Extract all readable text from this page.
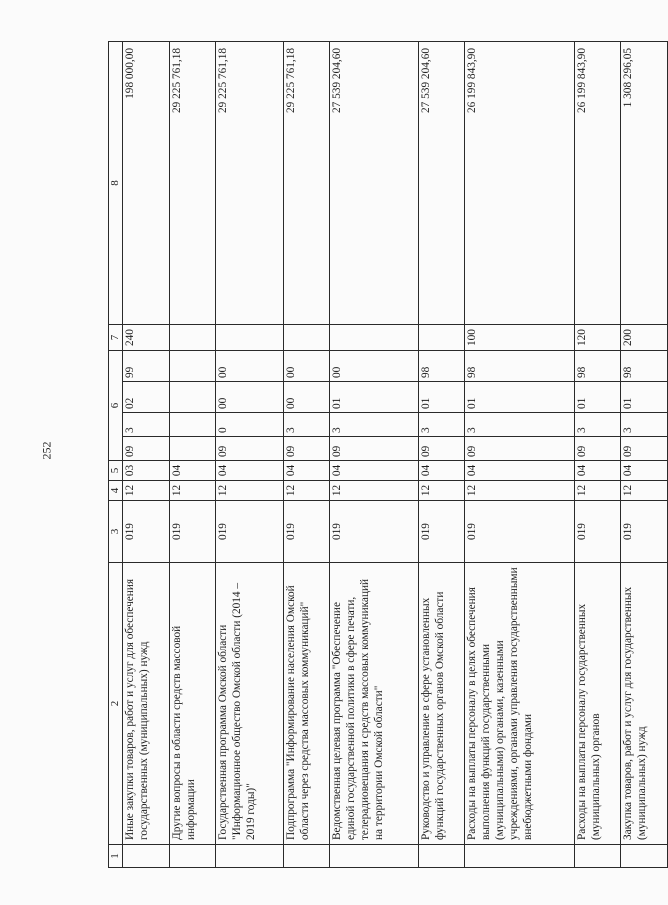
252
1	2	3	4	5	6				7	8
	Иные закупки товаров, работ и услуг для обеспечения государственных (муниципальных) нужд	019	12	03	09	3	02	99	240	198 000,00
	Другие вопросы в области средств массовой информации	019	12	04						29 225 761,18
	Государственная программа Омской области "Информационное общество Омской области (2014 – 2019 годы)"	019	12	04	09	0	00	00		29 225 761,18
	Подпрограмма "Информирование населения Омской области через средства массовых коммуникаций"	019	12	04	09	3	00	00		29 225 761,18
	Ведомственная целевая программа "Обеспечение единой государственной политики в сфере печати, телерадиовещания и средств массовых коммуникаций на территории Омской области"	019	12	04	09	3	01	00		27 539 204,60
	Руководство и управление в сфере установленных функций государственных органов Омской области	019	12	04	09	3	01	98		27 539 204,60
	Расходы на выплаты персоналу в целях обеспечения выполнения функций государственными (муниципальными) органами, казенными учреждениями, органами управления государственными внебюджетными фондами	019	12	04	09	3	01	98	100	26 199 843,90
	Расходы на выплаты персоналу государственных (муниципальных) органов	019	12	04	09	3	01	98	120	26 199 843,90
	Закупка товаров, работ и услуг для государственных (муниципальных) нужд	019	12	04	09	3	01	98	200	1 308 296,05
